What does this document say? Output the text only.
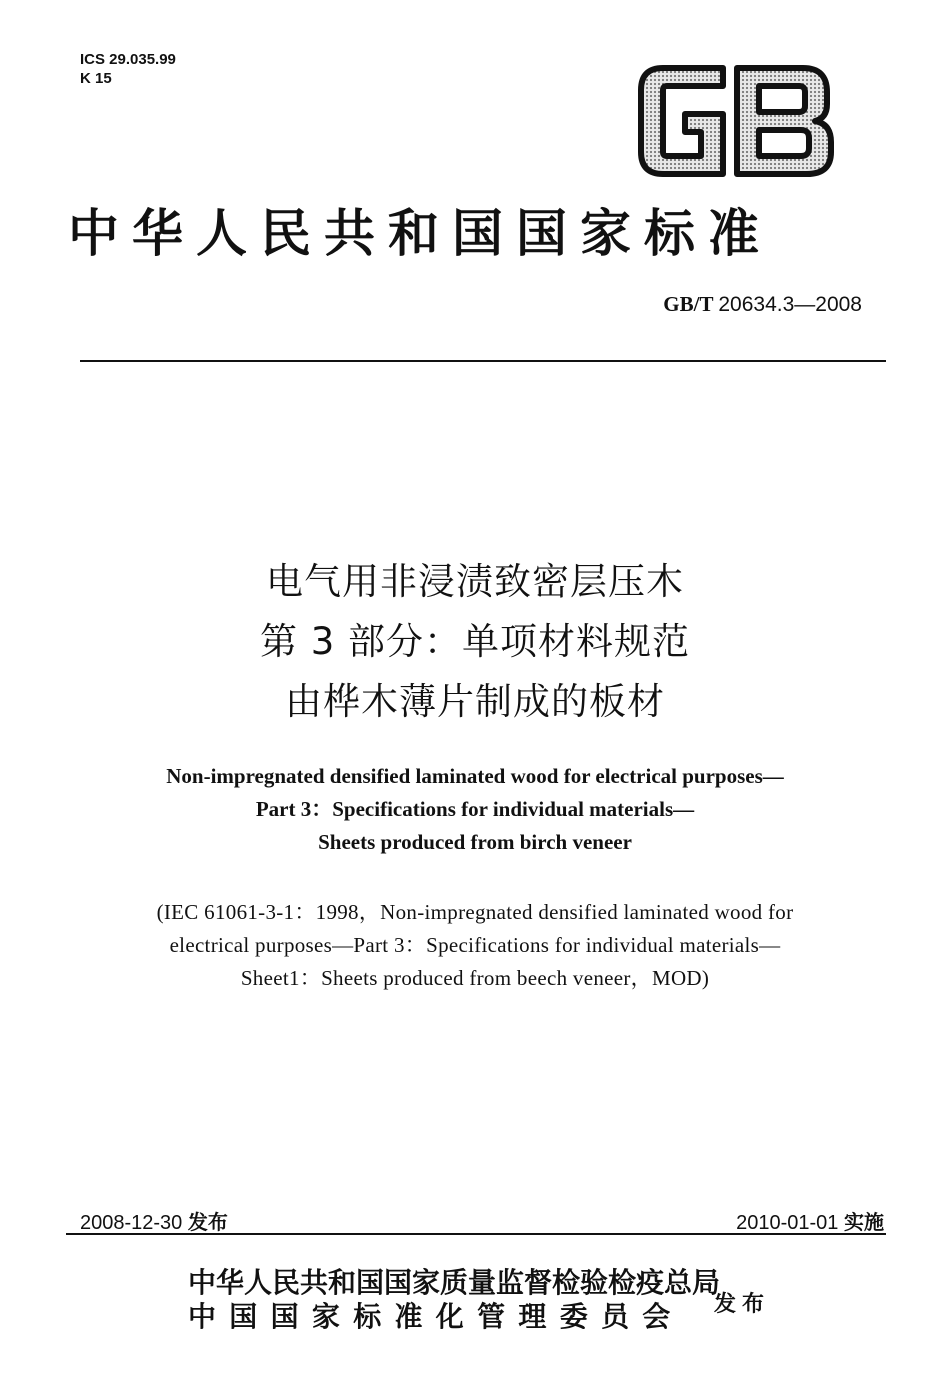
ICS 29.035.99
K 15
中华人民共和国国家标准
GB/T 20634.3—2008
电气用非浸渍致密层压木
第 3 部分：单项材料规范
由桦木薄片制成的板材
Non-impregnated densified laminated wood for electrical purposes—
Part 3：Specifications for individual materials—
Sheets produced from birch veneer
(IEC 61061-3-1：1998，Non-impregnated densified laminated wood for
electrical purposes—Part 3：Specifications for individual materials—
Sheet1：Sheets produced from beech veneer，MOD)
2008-12-30 发布	2010-01-01 实施
中华人民共和国国家质量监督检验检疫总局
中国国家标准化管理委员会	发布
